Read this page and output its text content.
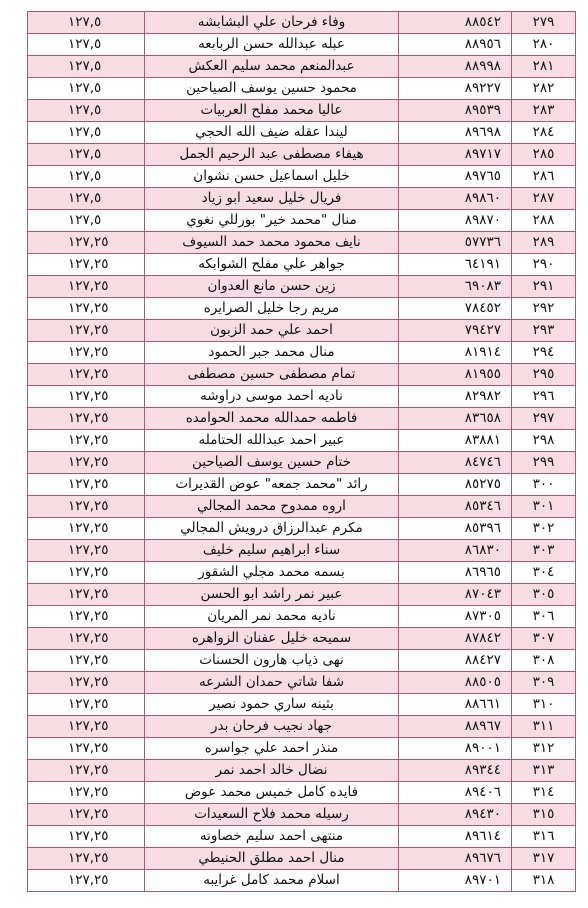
٢٧٩	٨٨٥٤٢	وفاء فرحان علي البشابشه	١٢٧,٥
٢٨٠	٨٨٩٥٦	عبله عبدالله حسن الربابعه	١٢٧,٥
٢٨١	٨٨٩٩٨	عبدالمنعم محمد سليم العكش	١٢٧,٥
٢٨٢	٨٩٢٢٧	محمود حسين يوسف الصياحين	١٢٧,٥
٢٨٣	٨٩٥٣٩	عاليا محمد مفلح العربيات	١٢٧,٥
٢٨٤	٨٩٦٩٨	ليندا عقله ضيف الله الحجي	١٢٧,٥
٢٨٥	٨٩٧١٧	هيفاء مصطفى عبد الرحيم الجمل	١٢٧,٥
٢٨٦	٨٩٧٦٥	خليل اسماعيل حسن نشوان	١٢٧,٥
٢٨٧	٨٩٨٦٠	فريال خليل سعيد ابو زياد	١٢٧,٥
٢٨٨	٨٩٨٧٠	منال "محمد خير" بورللي نغوي	١٢٧,٥
٢٨٩	٥٧٧٣٦	نايف محمود محمد حمد السيوف	١٢٧,٢٥
٢٩٠	٦٤١٩١	جواهر علي مفلح الشوابكه	١٢٧,٢٥
٢٩١	٦٩٠٨٣	زين حسن مانع العدوان	١٢٧,٢٥
٢٩٢	٧٨٤٥٢	مريم رجا خليل الصرايره	١٢٧,٢٥
٢٩٣	٧٩٤٢٧	احمد علي حمد الزبون	١٢٧,٢٥
٢٩٤	٨١٩١٤	منال محمد جبر الحمود	١٢٧,٢٥
٢٩٥	٨١٩٥٥	تمام مصطفى حسين مصطفى	١٢٧,٢٥
٢٩٦	٨٢٩٨٢	ناديه احمد موسى دراوشه	١٢٧,٢٥
٢٩٧	٨٣٦٥٨	فاطمه حمدالله محمد الحوامده	١٢٧,٢٥
٢٩٨	٨٣٨٨١	عبير احمد عبدالله الحتامله	١٢٧,٢٥
٢٩٩	٨٤٧٤٦	ختام حسين يوسف الصياحين	١٢٧,٢٥
٣٠٠	٨٥٢٧٥	رائد "محمد جمعه" عوض القديرات	١٢٧,٢٥
٣٠١	٨٥٣٤٦	اروه ممدوح محمد المجالي	١٢٧,٢٥
٣٠٢	٨٥٣٩٦	مكرم عبدالرزاق درويش المجالي	١٢٧,٢٥
٣٠٣	٨٦٨٣٠	سناء ابراهيم سليم خليف	١٢٧,٢٥
٣٠٤	٨٦٩٦٥	بسمه محمد مجلي الشقور	١٢٧,٢٥
٣٠٥	٨٧٠٤٣	عبير نمر راشد ابو الحسن	١٢٧,٢٥
٣٠٦	٨٧٣٠٥	ناديه محمد نمر المريان	١٢٧,٢٥
٣٠٧	٨٧٨٤٢	سميحه خليل عفنان الزواهره	١٢٧,٢٥
٣٠٨	٨٨٤٢٧	نهى ذياب هارون الحسنات	١٢٧,٢٥
٣٠٩	٨٨٥٠٥	شفا شاتي حمدان الشرعه	١٢٧,٢٥
٣١٠	٨٨٦٦١	بثينه ساري حمود نصير	١٢٧,٢٥
٣١١	٨٨٩٦٧	جهاد نجيب فرحان بدر	١٢٧,٢٥
٣١٢	٨٩٠٠١	منذر احمد علي جواسره	١٢٧,٢٥
٣١٣	٨٩٣٤٤	نضال خالد احمد نمر	١٢٧,٢٥
٣١٤	٨٩٤٠٦	فايده كامل خميس محمد عوض	١٢٧,٢٥
٣١٥	٨٩٤٣٠	رسيله محمد فلاح السعيدات	١٢٧,٢٥
٣١٦	٨٩٦١٤	منتهى احمد سليم خصاونه	١٢٧,٢٥
٣١٧	٨٩٦٧٦	منال احمد مطلق الحنيطي	١٢٧,٢٥
٣١٨	٨٩٧٠١	اسلام محمد كامل غرايبه	١٢٧,٢٥
